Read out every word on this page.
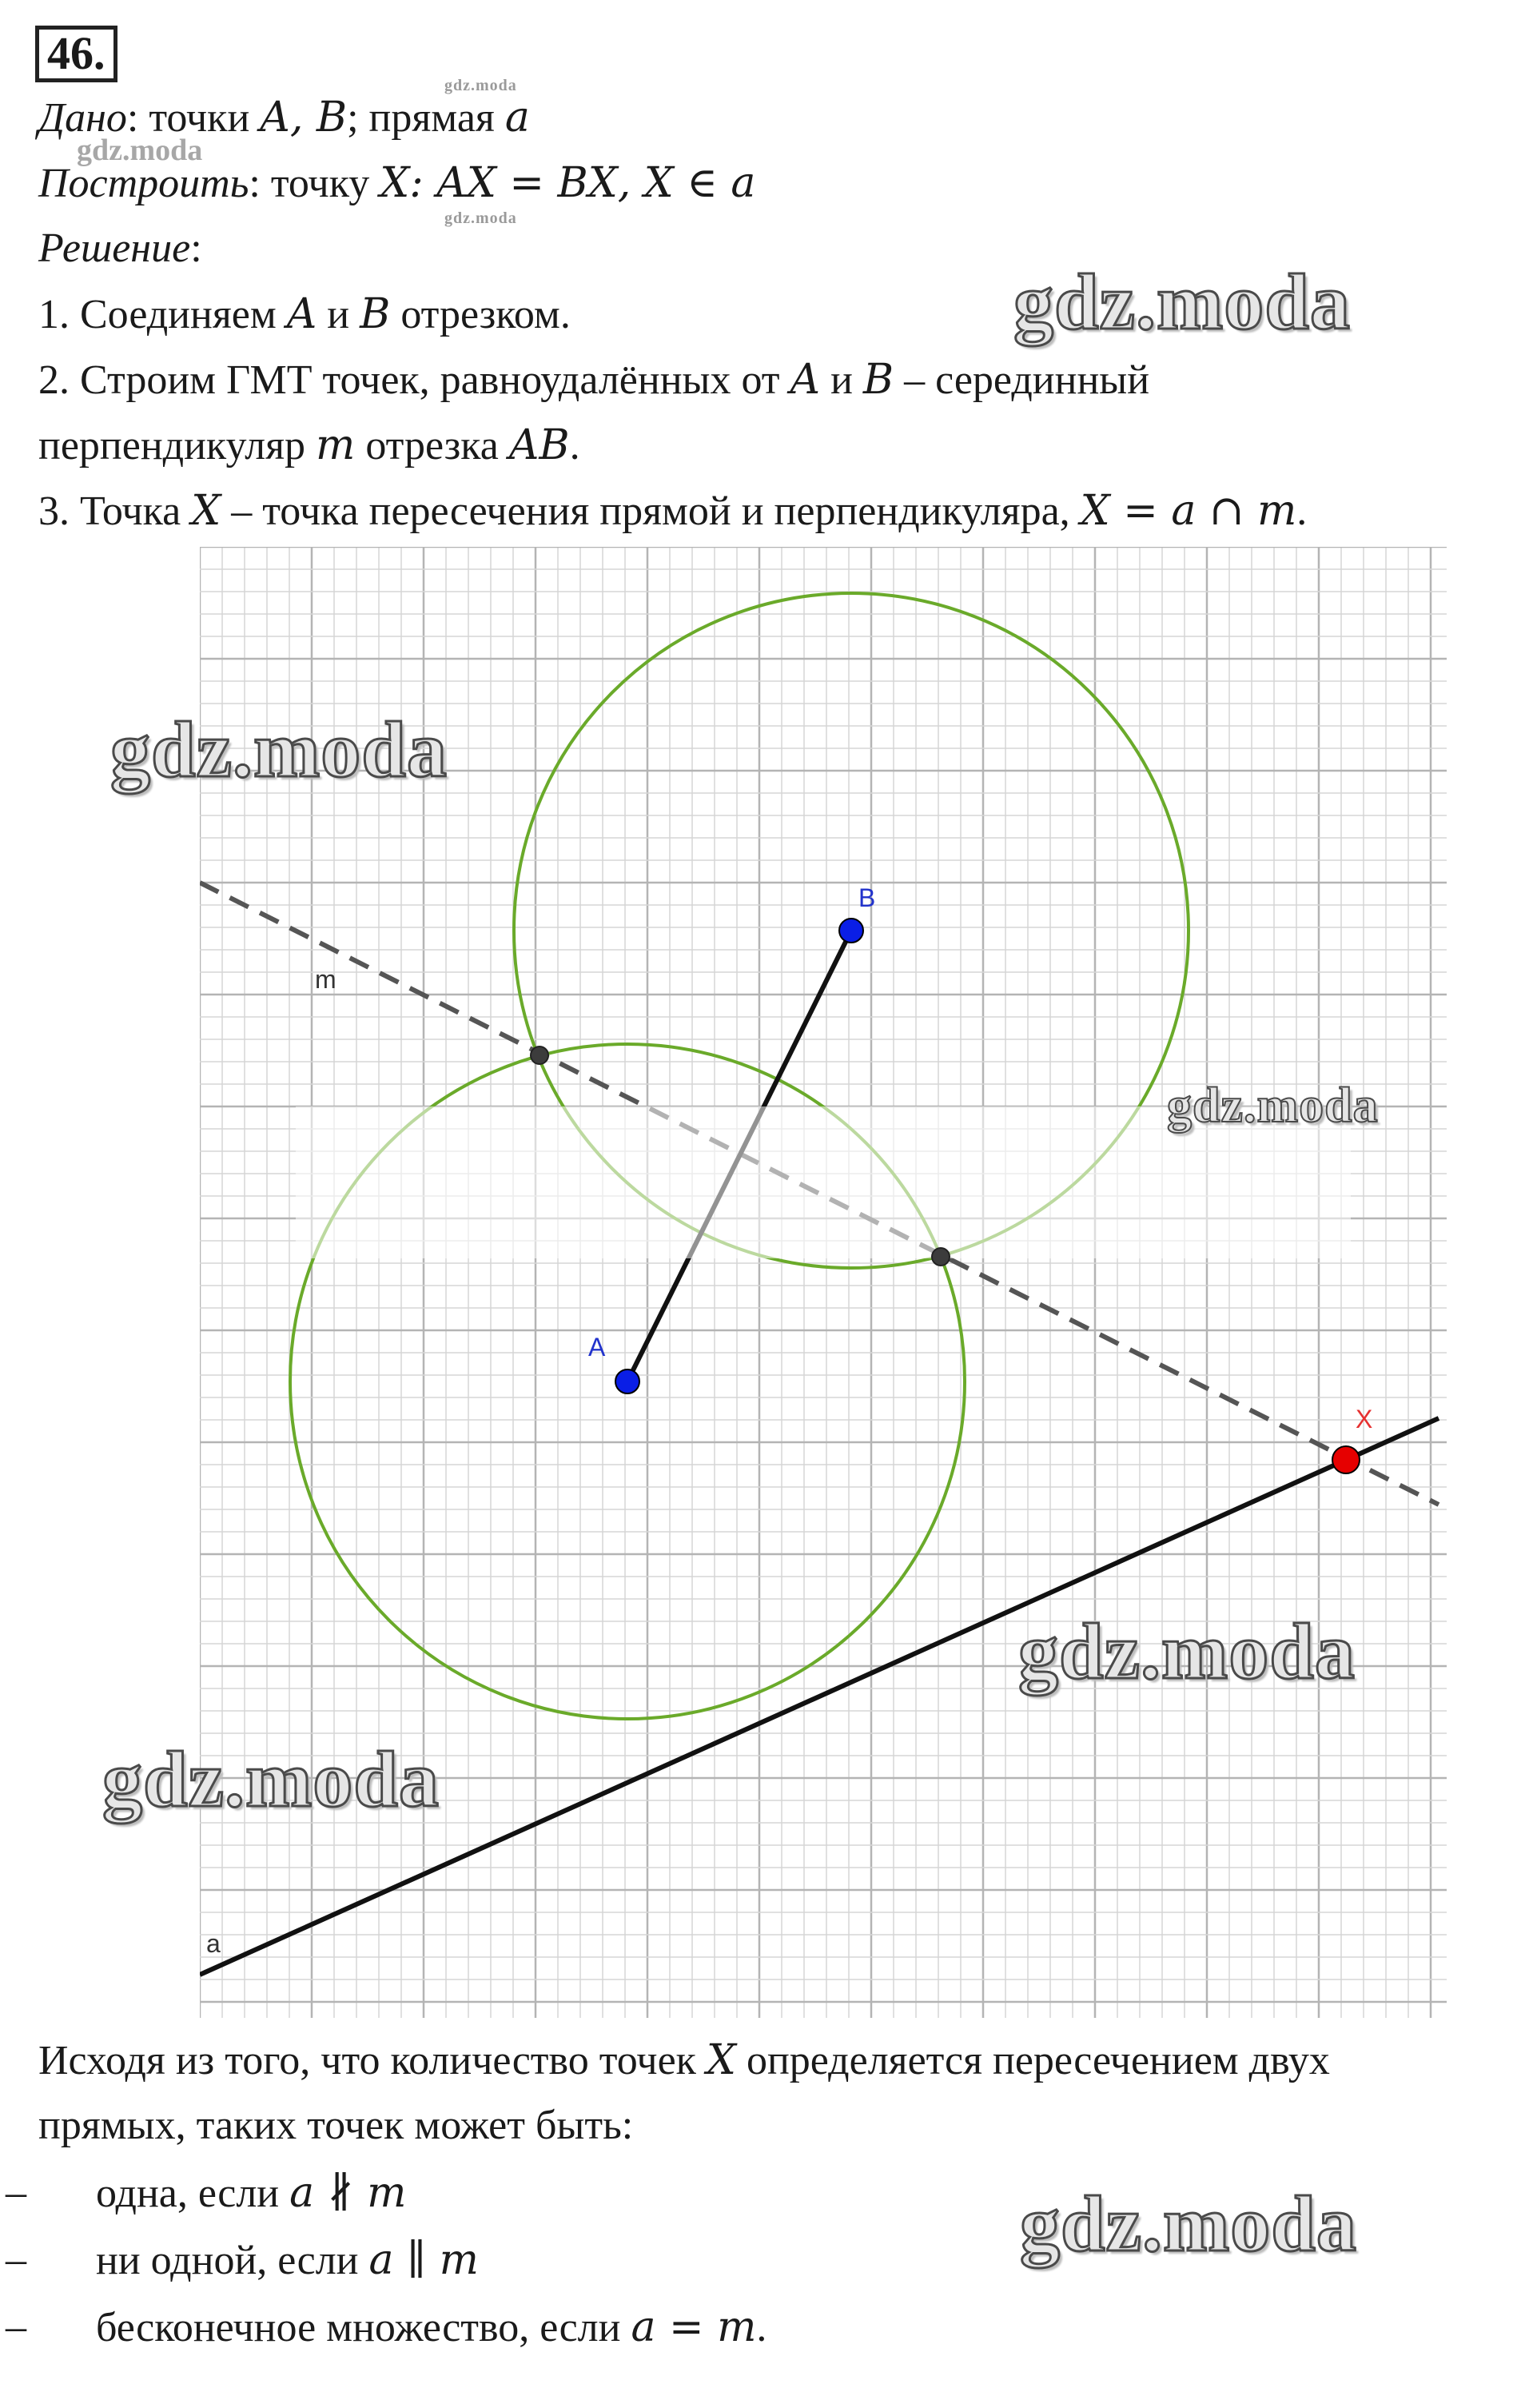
46.
gdz.moda
gdz.moda
gdz.moda
Дано: точки A, B; прямая a
Построить: точку X: AX = BX, X ∈ a
Решение:
1. Соединяем A и B отрезком.
2. Строим ГМТ точек, равноудалённых от A и B – серединный
перпендикуляр m отрезка AB.
3. Точка X – точка пересечения прямой и перпендикуляра, X = a ∩ m.
gdz.moda
A
B
X
m
a
gdz.moda
gdz.moda
gdz.moda
gdz.moda
Исходя из того, что количество точек X определяется пересечением двух
прямых, таких точек может быть:
– одна, если a ∦ m
– ни одной, если a ∥ m
– бесконечное множество, если a = m.
gdz.moda
